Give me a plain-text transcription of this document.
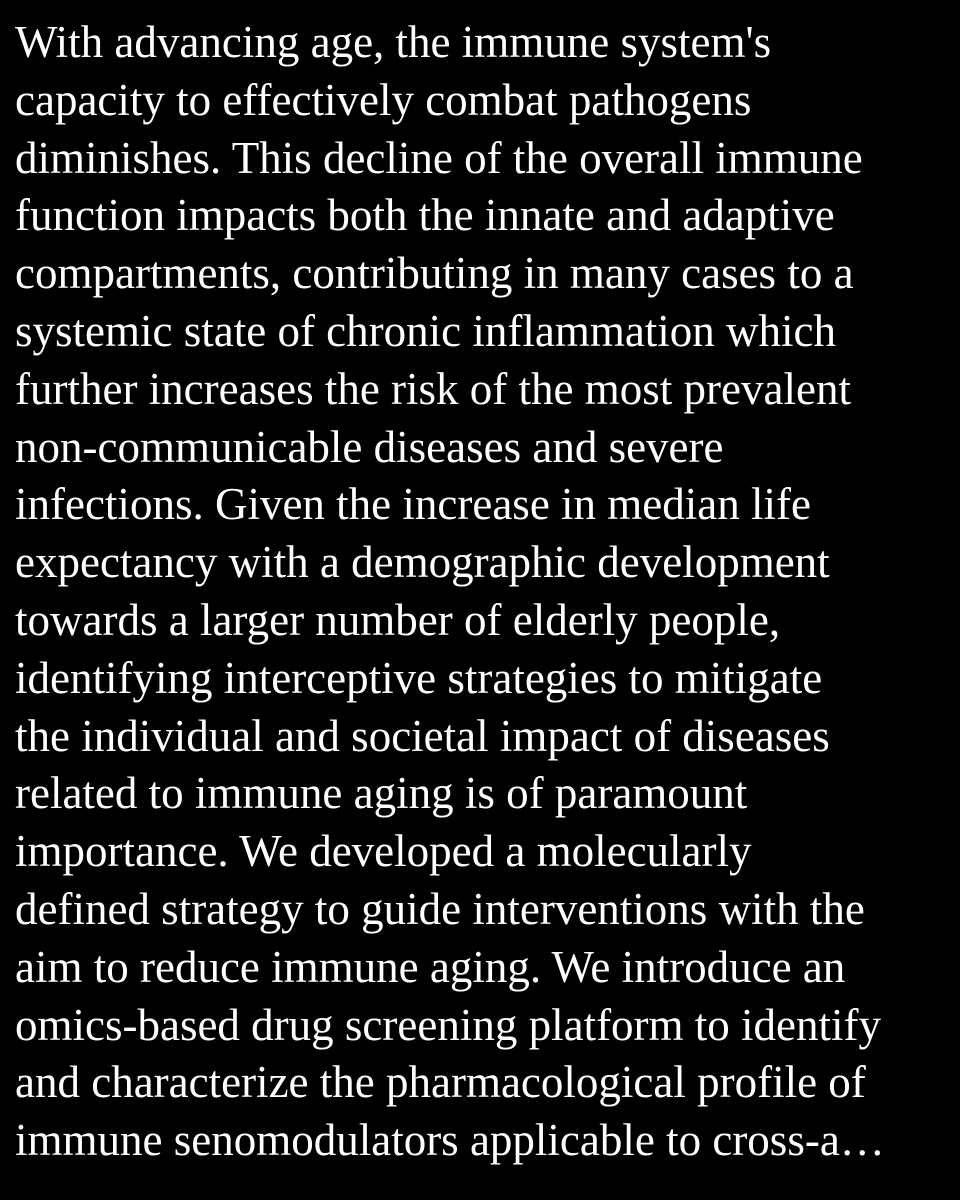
With advancing age, the immune system's
capacity to effectively combat pathogens
diminishes. This decline of the overall immune
function impacts both the innate and adaptive
compartments, contributing in many cases to a
systemic state of chronic inflammation which
further increases the risk of the most prevalent
non-communicable diseases and severe
infections. Given the increase in median life
expectancy with a demographic development
towards a larger number of elderly people,
identifying interceptive strategies to mitigate
the individual and societal impact of diseases
related to immune aging is of paramount
importance. We developed a molecularly
defined strategy to guide interventions with the
aim to reduce immune aging. We introduce an
omics-based drug screening platform to identify
and characterize the pharmacological profile of
immune senomodulators applicable to cross-a…
